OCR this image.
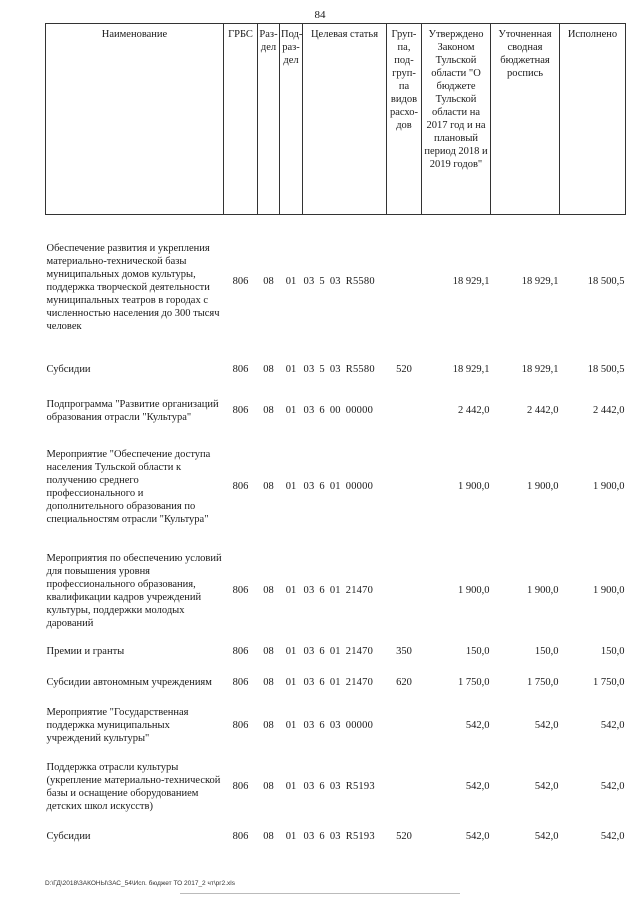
84
Наименование	ГРБС	Раз-дел	Под-раз-дел	Целевая статья	Груп-па, под-груп-па видов расхо-дов	Утверждено Законом Тульской области "О бюджете Тульской области на 2017 год и на плановый период 2018 и 2019 годов"	Уточненная сводная бюджетная роспись	Исполнено
Обеспечение развития и укрепления материально-технической базы муниципальных домов культуры, поддержка творческой деятельности муниципальных театров в городах с численностью населения до 300 тысяч человек	806	08	01	03 5 03 R5580		18 929,1	18 929,1	18 500,5
Субсидии	806	08	01	03 5 03 R5580	520	18 929,1	18 929,1	18 500,5
Подпрограмма "Развитие организаций образования отрасли "Культура"	806	08	01	03 6 00 00000		2 442,0	2 442,0	2 442,0
Мероприятие "Обеспечение доступа населения Тульской области к получению среднего профессионального и дополнительного образования по специальностям отрасли "Культура"	806	08	01	03 6 01 00000		1 900,0	1 900,0	1 900,0
Мероприятия по обеспечению условий для повышения уровня профессионального образования, квалификации кадров учреждений культуры, поддержки молодых дарований	806	08	01	03 6 01 21470		1 900,0	1 900,0	1 900,0
Премии и гранты	806	08	01	03 6 01 21470	350	150,0	150,0	150,0
Субсидии автономным учреждениям	806	08	01	03 6 01 21470	620	1 750,0	1 750,0	1 750,0
Мероприятие "Государственная поддержка муниципальных учреждений культуры"	806	08	01	03 6 03 00000		542,0	542,0	542,0
Поддержка отрасли культуры (укрепление материально-технической базы и оснащение оборудованием детских школ искусств)	806	08	01	03 6 03 R5193		542,0	542,0	542,0
Субсидии	806	08	01	03 6 03 R5193	520	542,0	542,0	542,0
D:\ГД\2018\ЗАКОНЫ\ЗАС_54\Исп. бюджет ТО 2017_2 чт\рг2.xls
